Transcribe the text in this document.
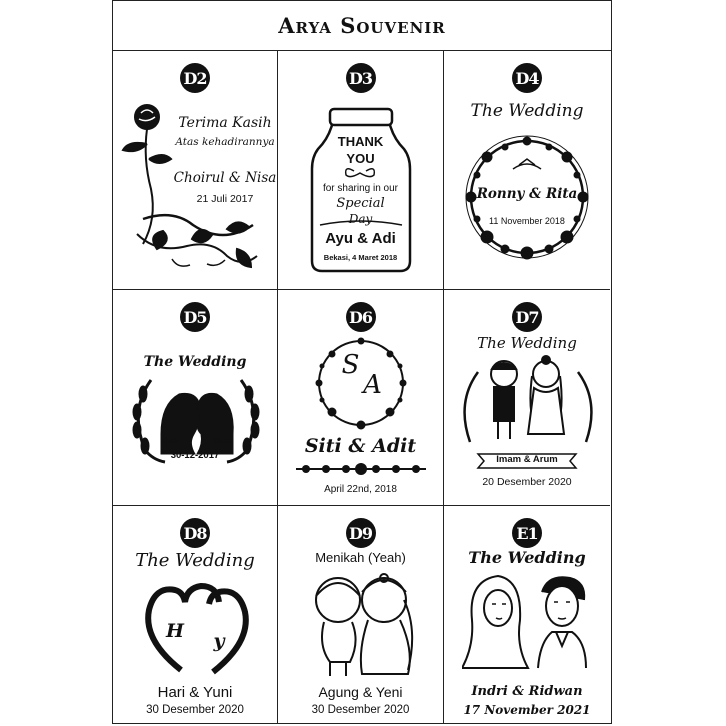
Arya Souvenir
D2
Terima Kasih
Atas kehadirannya
Choirul & Nisa
21 Juli 2017
D3
THANK
YOU
for sharing in our
Special
Day
Ayu & Adi
Bekasi, 4 Maret 2018
D4
The Wedding
Ronny & Rita
11 November 2018
D5
The Wedding
Yuni	Yitna
30-12-2017
D6
S
A
Siti & Adit
April 22nd, 2018
D7
The Wedding
Imam & Arum
20 Desember 2020
D8
The Wedding
H	y
Hari & Yuni
30 Desember 2020
D9
Menikah (Yeah)
Agung & Yeni
30 Desember 2020
E1
The Wedding
Indri & Ridwan
17 November 2021
